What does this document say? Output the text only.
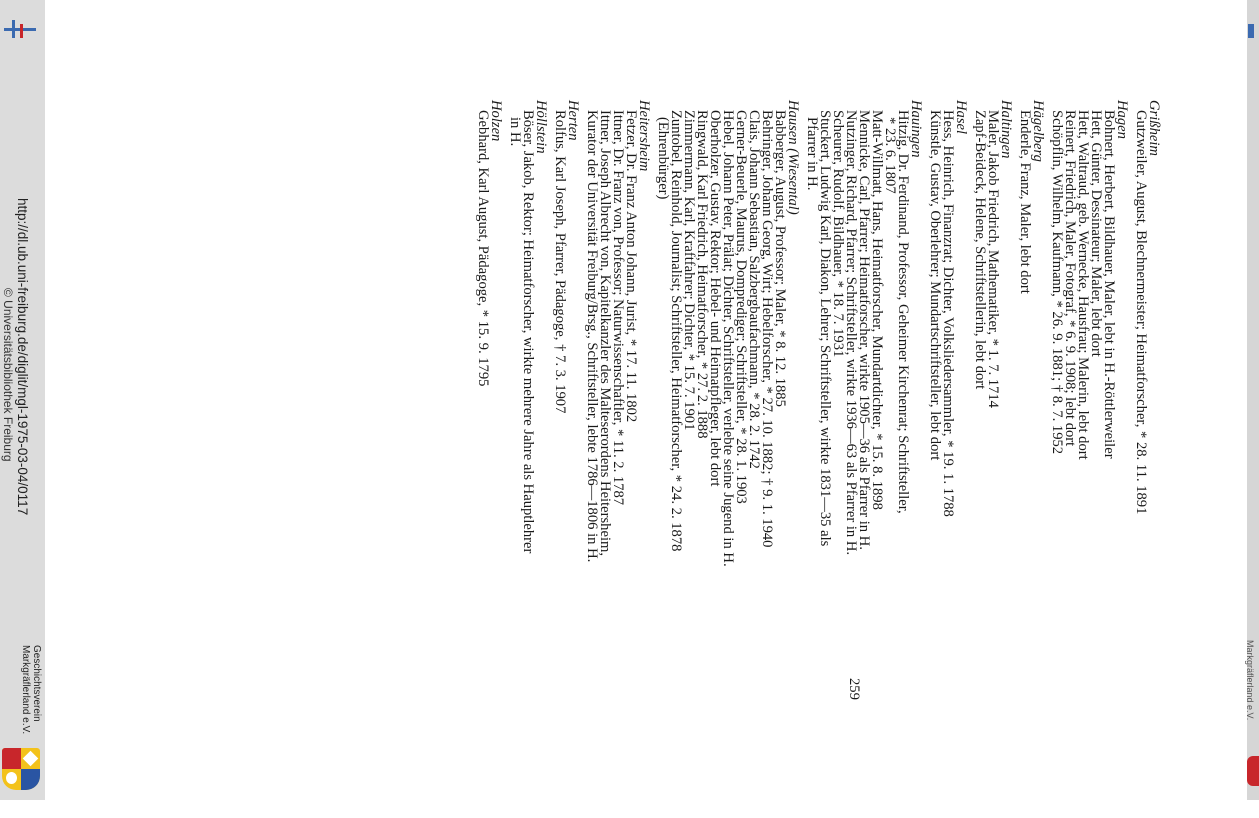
http://dl.ub.uni-freiburg.de/diglit/mgl-1975-03-04/0117
© Universitätsbibliothek Freiburg
Geschichtsverein
Markgräflerland e.V.
Grißheim
Gutzweiler, August, Blechnermeister; Heimatforscher, * 28. 11. 1891
Hagen
Bohnert, Herbert, Bildhauer, Maler, lebt in H.-Röttlerweiler
Hett, Günter, Dessinateur; Maler, lebt dort
Hett, Waltraud, geb. Wernecke, Hausfrau; Malerin, lebt dort
Reinert, Friedrich, Maler, Fotograf, * 6. 9. 1908; lebt dort
Schöpflin, Wilhelm, Kaufmann, * 26. 9. 1881; † 8. 7. 1952
Hägelberg
Enderle, Franz, Maler, lebt dort
Haltingen
Maler, Jakob Friedrich, Mathematiker, * 1. 7. 1714
Zapf-Beideck, Helene, Schriftstellerin, lebt dort
Hasel
Hess, Heinrich, Finanzrat; Dichter, Volksliedersammler, * 19. 1. 1788
Künstle, Gustav, Oberlehrer; Mundartschriftsteller, lebt dort
Hauingen
Hitzig, Dr. Ferdinand, Professor, Geheimer Kirchenrat; Schriftsteller,
* 23. 6. 1807
Matt-Willmatt, Hans, Heimatforscher, Mundartdichter, * 15. 8. 1898
Mennicke, Carl, Pfarrer; Heimatforscher, wirkte 1905—36 als Pfarrer in H.
Nutzinger, Richard, Pfarrer; Schriftsteller, wirkte 1936—63 als Pfarrer in H.
Scheurer, Rudolf, Bildhauer, * 18. 7. 1931
Stuckert, Ludwig Karl, Diakon, Lehrer; Schriftsteller, wirkte 1831—35 als
Pfarrer in H.
Hausen (Wiesental)
Babberger, August, Professor; Maler, * 8. 12. 1885
Behringer, Johann Georg, Wirt; Hebelforscher, * 27. 10. 1882; † 9. 1. 1940
Clais, Johann Sebastian, Salzbergbaufachmann, * 28. 2. 1742
Gerner-Beuerle, Maurus, Domprediger; Schriftsteller, * 28. 1. 1903
Hebel, Johann Peter, Prälat; Dichter, Schriftsteller, verlebte seine Jugend in H.
Oberholzer, Gustav, Rektor; Hebel- und Heimatpfleger, lebt dort
Ringwald, Karl Friedrich, Heimatforscher, * 27. 2. 1888
Zimmermann, Karl, Kraftfahrer; Dichter, * 15. 7. 1901
Zuntobel, Reinhold, Journalist; Schriftsteller, Heimatforscher, * 24. 2. 1878
(Ehrenbürger)
Heitersheim
Fetzer, Dr. Franz Anton Johann, Jurist, * 17. 11. 1802
Ittner, Dr. Franz von, Professor; Naturwissenschaftler, * 11. 2. 1787
Ittner, Joseph Albrecht von, Kapitelkanzler des Malteserordens Heitersheim,
Kurator der Universität Freiburg/Brsg., Schriftsteller, lebte 1786—1806 in H.
Herten
Rolfus, Karl Joseph, Pfarrer, Pädagoge, † 7. 3. 1907
Höllstein
Böser, Jakob, Rektor; Heimatforscher, wirkte mehrere Jahre als Hauptlehrer
in H.
Holzen
Gebhard, Karl August, Pädagoge, * 15. 9. 1795
259	Markgräflerland e.V.
